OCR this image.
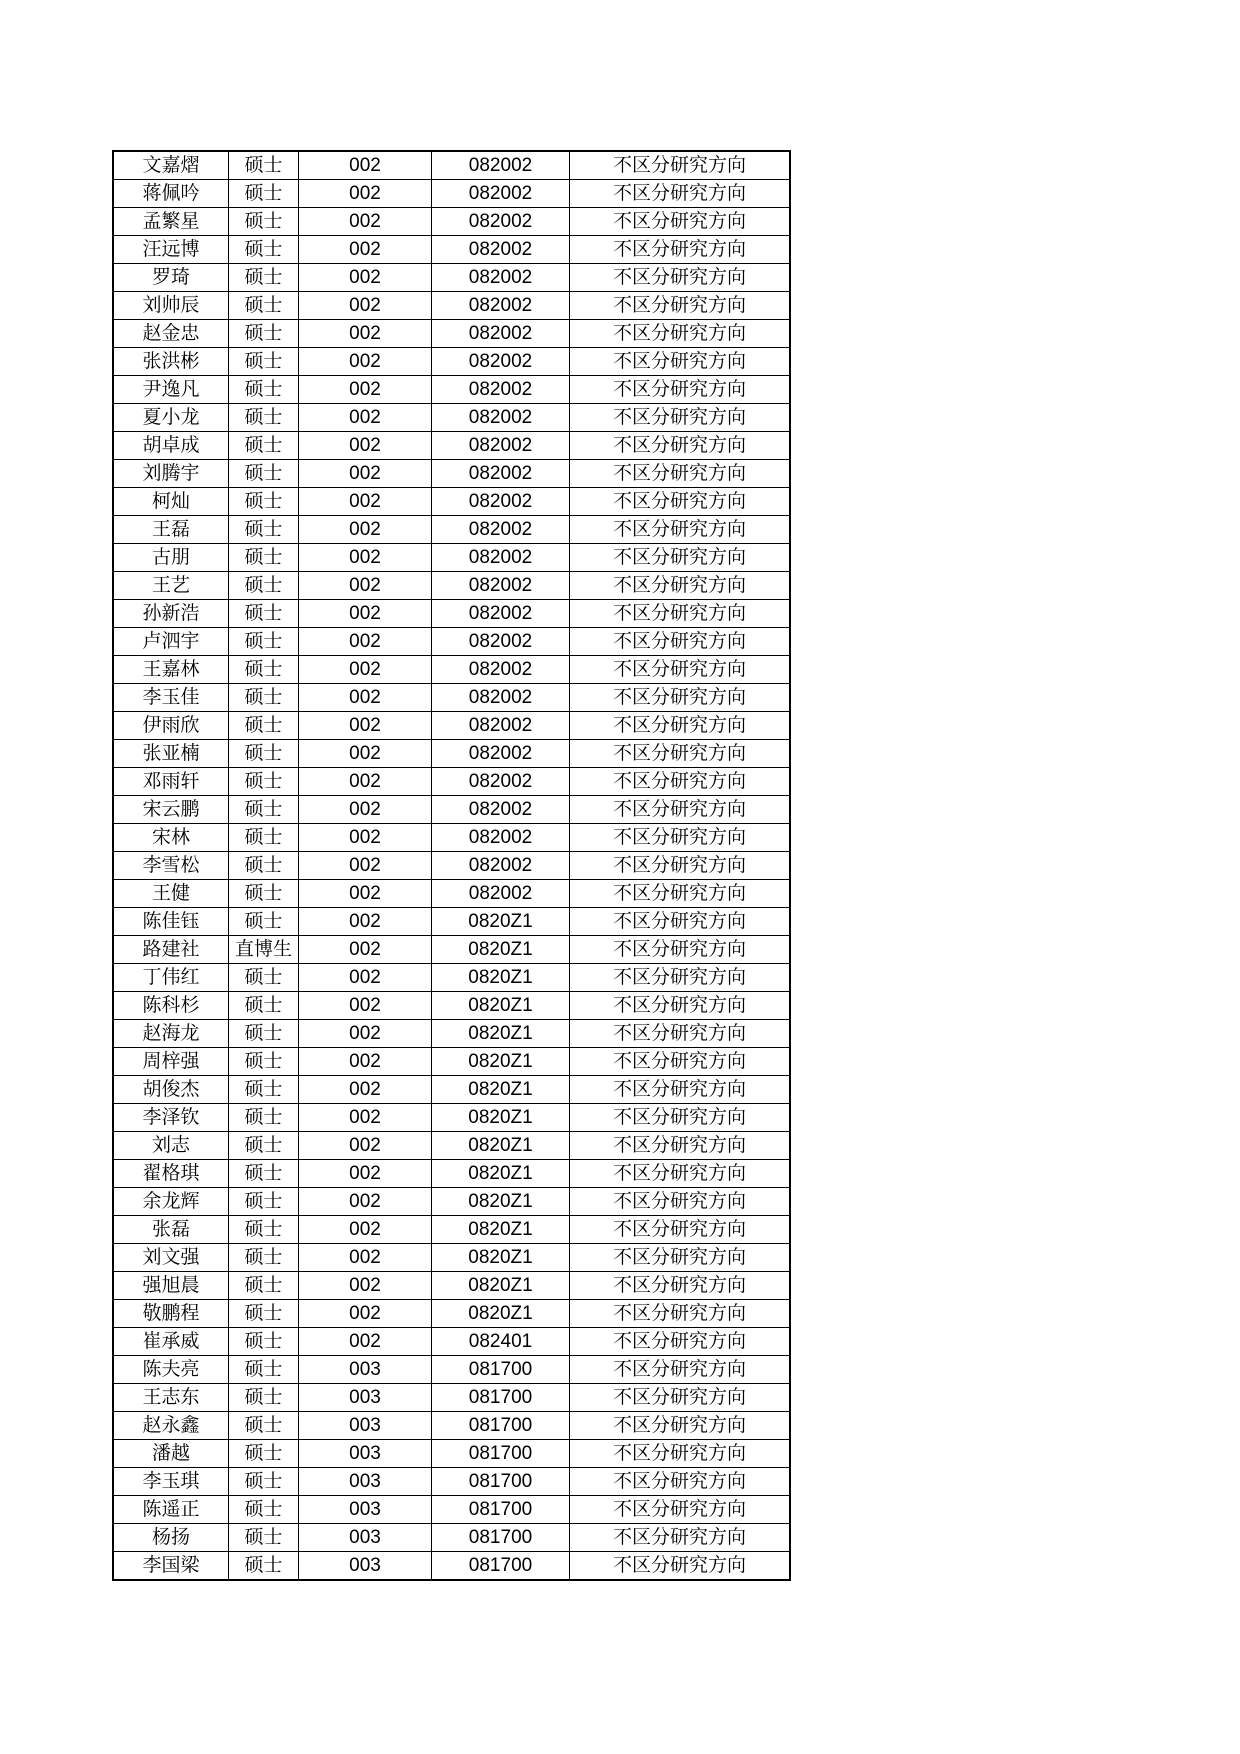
文嘉熠	硕士	002	082002	不区分研究方向
蒋佩吟	硕士	002	082002	不区分研究方向
孟繁星	硕士	002	082002	不区分研究方向
汪远博	硕士	002	082002	不区分研究方向
罗琦	硕士	002	082002	不区分研究方向
刘帅辰	硕士	002	082002	不区分研究方向
赵金忠	硕士	002	082002	不区分研究方向
张洪彬	硕士	002	082002	不区分研究方向
尹逸凡	硕士	002	082002	不区分研究方向
夏小龙	硕士	002	082002	不区分研究方向
胡卓成	硕士	002	082002	不区分研究方向
刘腾宇	硕士	002	082002	不区分研究方向
柯灿	硕士	002	082002	不区分研究方向
王磊	硕士	002	082002	不区分研究方向
古朋	硕士	002	082002	不区分研究方向
王艺	硕士	002	082002	不区分研究方向
孙新浩	硕士	002	082002	不区分研究方向
卢泗宇	硕士	002	082002	不区分研究方向
王嘉林	硕士	002	082002	不区分研究方向
李玉佳	硕士	002	082002	不区分研究方向
伊雨欣	硕士	002	082002	不区分研究方向
张亚楠	硕士	002	082002	不区分研究方向
邓雨轩	硕士	002	082002	不区分研究方向
宋云鹏	硕士	002	082002	不区分研究方向
宋林	硕士	002	082002	不区分研究方向
李雪松	硕士	002	082002	不区分研究方向
王健	硕士	002	082002	不区分研究方向
陈佳钰	硕士	002	0820Z1	不区分研究方向
路建社	直博生	002	0820Z1	不区分研究方向
丁伟红	硕士	002	0820Z1	不区分研究方向
陈科杉	硕士	002	0820Z1	不区分研究方向
赵海龙	硕士	002	0820Z1	不区分研究方向
周梓强	硕士	002	0820Z1	不区分研究方向
胡俊杰	硕士	002	0820Z1	不区分研究方向
李泽钦	硕士	002	0820Z1	不区分研究方向
刘志	硕士	002	0820Z1	不区分研究方向
翟格琪	硕士	002	0820Z1	不区分研究方向
余龙辉	硕士	002	0820Z1	不区分研究方向
张磊	硕士	002	0820Z1	不区分研究方向
刘文强	硕士	002	0820Z1	不区分研究方向
强旭晨	硕士	002	0820Z1	不区分研究方向
敬鹏程	硕士	002	0820Z1	不区分研究方向
崔承威	硕士	002	082401	不区分研究方向
陈夫亮	硕士	003	081700	不区分研究方向
王志东	硕士	003	081700	不区分研究方向
赵永鑫	硕士	003	081700	不区分研究方向
潘越	硕士	003	081700	不区分研究方向
李玉琪	硕士	003	081700	不区分研究方向
陈遥正	硕士	003	081700	不区分研究方向
杨扬	硕士	003	081700	不区分研究方向
李国梁	硕士	003	081700	不区分研究方向
